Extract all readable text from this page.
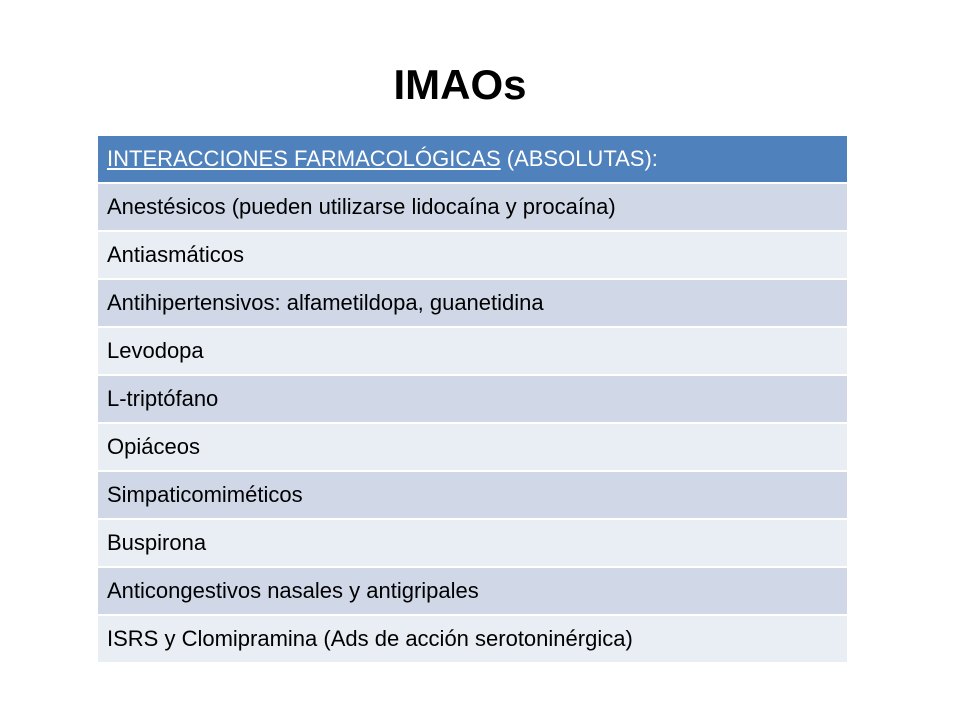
IMAOs
INTERACCIONES FARMACOLÓGICAS (ABSOLUTAS):
Anestésicos (pueden utilizarse lidocaína y procaína)
Antiasmáticos
Antihipertensivos: alfametildopa, guanetidina
Levodopa
L-triptófano
Opiáceos
Simpaticomiméticos
Buspirona
Anticongestivos nasales y antigripales
ISRS y Clomipramina (Ads de acción serotoninérgica)
